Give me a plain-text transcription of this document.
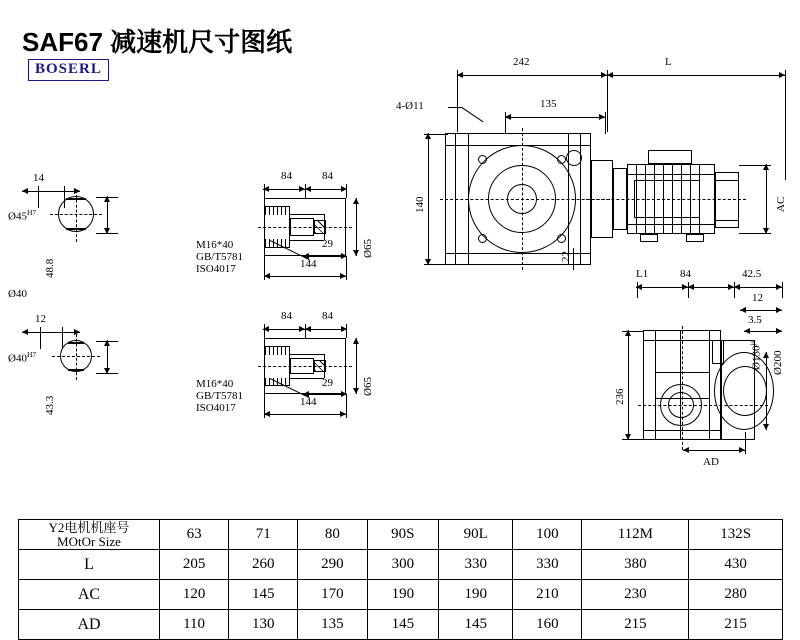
SAF67 减速机尺寸图纸
BOSERL
14
$Ø45^{H7}$
48.8
Ø40
12
$Ø40^{H7}$
43.3
84	84
M16*40
GB/T5781
ISO4017
29
144
Ø65
84	84
M16*40
GB/T5781
ISO4017
29
144
Ø65
242	L
4-Ø11	135
140
22
AC
L1	84	42.5
12
3.5
236
$Ø130^{js}$
Ø200
AD
Y2电机机座号
MOtOr Size	63	71	80	90S	90L	100	112M	132S
L	205	260	290	300	330	330	380	430
AC	120	145	170	190	190	210	230	280
AD	110	130	135	145	145	160	215	215
